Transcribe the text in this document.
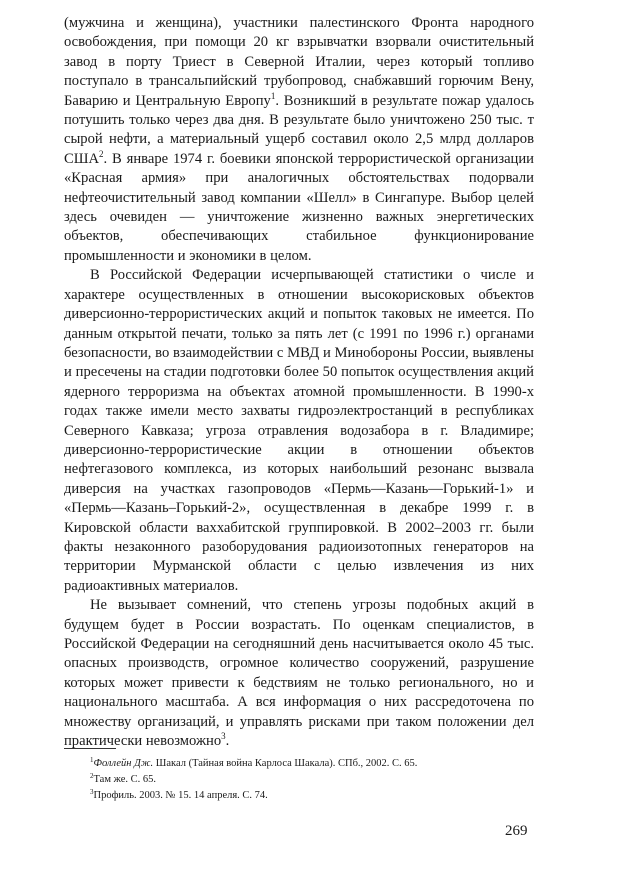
(мужчина и женщина), участники палестинского Фронта народного освобождения, при помощи 20 кг взрывчатки взорвали очистительный завод в порту Триест в Северной Италии, через который топливо поступало в трансальпийский трубопровод, снабжавший горючим Вену, Баварию и Центральную Европу$^1$. Возникший в результате пожар удалось потушить только через два дня. В результате было уничтожено 250 тыс. т сырой нефти, а материальный ущерб составил около 2,5 млрд долларов США$^2$. В январе 1974 г. боевики японской террористической организации «Красная армия» при аналогичных обстоятельствах подорвали нефтеочистительный завод компании «Шелл» в Сингапуре. Выбор целей здесь очевиден — уничтожение жизненно важных энергетических объектов, обеспечивающих стабильное функционирование промышленности и экономики в целом.

В Российской Федерации исчерпывающей статистики о числе и характере осуществленных в отношении высокорисковых объектов диверсионно-террористических акций и попыток таковых не имеется. По данным открытой печати, только за пять лет (с 1991 по 1996 г.) органами безопасности, во взаимодействии с МВД и Минобороны России, выявлены и пресечены на стадии подготовки более 50 попыток осуществления акций ядерного терроризма на объектах атомной промышленности. В 1990-х годах также имели место захваты гидроэлектростанций в республиках Северного Кавказа; угроза отравления водозабора в г. Владимире; диверсионно-террористические акции в отношении объектов нефтегазового комплекса, из которых наибольший резонанс вызвала диверсия на участках газопроводов «Пермь—Казань—Горький-1» и «Пермь—Казань–Горький-2», осуществленная в декабре 1999 г. в Кировской области ваххабитской группировкой. В 2002–2003 гг. были факты незаконного разоборудования радиоизотопных генераторов на территории Мурманской области с целью извлечения из них радиоактивных материалов.

Не вызывает сомнений, что степень угрозы подобных акций в будущем будет в России возрастать. По оценкам специалистов, в Российской Федерации на сегодняшний день насчитывается около 45 тыс. опасных производств, огромное количество сооружений, разрушение которых может привести к бедствиям не только регионального, но и национального масштаба. А вся информация о них рассредоточена по множеству организаций, и управлять рисками при таком положении дел практически невозможно$^3$.

$^1$Фоллейн Дж. Шакал (Тайная война Карлоса Шакала). СПб., 2002. С. 65.
$^2$Там же. С. 65.
$^3$Профиль. 2003. № 15. 14 апреля. С. 74.
269
